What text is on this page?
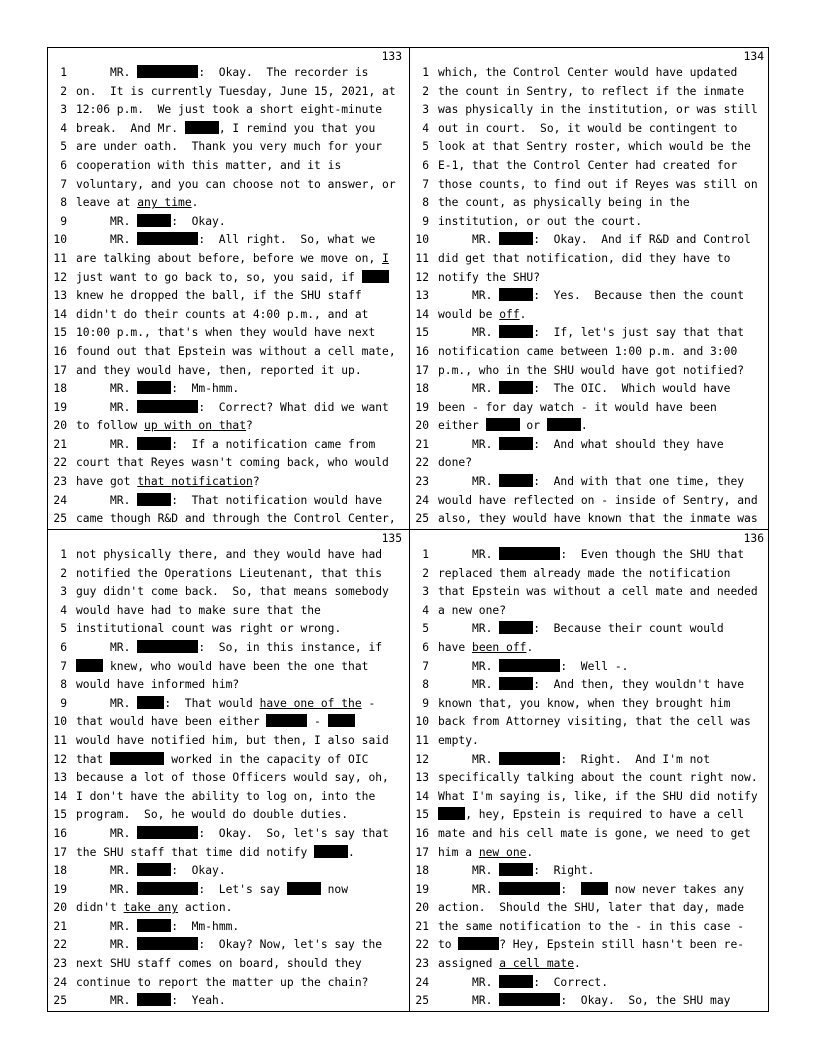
133
1 MR.	:  Okay.  The recorder is
2 on.  It is currently Tuesday, June 15, 2021, at
3 12:06 p.m.  We just took a short eight-minute
4 break.  And Mr.	, I remind you that you
5 are under oath.  Thank you very much for your
6 cooperation with this matter, and it is
7 voluntary, and you can choose not to answer, or
8 leave at any time.
9 MR.	:  Okay.
10 MR.	:  All right.  So, what we
11 are talking about before, before we move on, I
12 just want to go back to, so, you said, if
13 knew he dropped the ball, if the SHU staff
14 didn't do their counts at 4:00 p.m., and at
15 10:00 p.m., that's when they would have next
16 found out that Epstein was without a cell mate,
17 and they would have, then, reported it up.
18 MR.	:  Mm-hmm.
19 MR.	:  Correct? What did we want
20 to follow up with on that?
21 MR.	:  If a notification came from
22 court that Reyes wasn't coming back, who would
23 have got that notification?
24 MR.	:  That notification would have
25 came though R&D and through the Control Center,
134
1 which, the Control Center would have updated
2 the count in Sentry, to reflect if the inmate
3 was physically in the institution, or was still
4 out in court.  So, it would be contingent to
5 look at that Sentry roster, which would be the
6 E-1, that the Control Center had created for
7 those counts, to find out if Reyes was still on
8 the count, as physically being in the
9 institution, or out the court.
10 MR.	:  Okay.  And if R&D and Control
11 did get that notification, did they have to
12 notify the SHU?
13 MR.	:  Yes.  Because then the count
14 would be off.
15 MR.	:  If, let's just say that that
16 notification came between 1:00 p.m. and 3:00
17 p.m., who in the SHU would have got notified?
18 MR.	:  The OIC.  Which would have
19 been - for day watch - it would have been
20 either	or	.
21 MR.	:  And what should they have
22 done?
23 MR.	:  And with that one time, they
24 would have reflected on - inside of Sentry, and
25 also, they would have known that the inmate was
135
1 not physically there, and they would have had
2 notified the Operations Lieutenant, that this
3 guy didn't come back.  So, that means somebody
4 would have had to make sure that the
5 institutional count was right or wrong.
6 MR.	:  So, in this instance, if
7	knew, who would have been the one that
8 would have informed him?
9 MR. :  That would have one of the -
10 that would have been either	-
11 would have notified him, but then, I also said
12 that	worked in the capacity of OIC
13 because a lot of those Officers would say, oh,
14 I don't have the ability to log on, into the
15 program.  So, he would do double duties.
16 MR.	:  Okay.  So, let's say that
17 the SHU staff that time did notify	.
18 MR.	:  Okay.
19 MR.	:  Let's say	now
20 didn't take any action.
21 MR.	:  Mm-hmm.
22 MR.	:  Okay? Now, let's say the
23 next SHU staff comes on board, should they
24 continue to report the matter up the chain?
25 MR.	:  Yeah.
136
1 MR.	:  Even though the SHU that
2 replaced them already made the notification
3 that Epstein was without a cell mate and needed
4 a new one?
5 MR.	:  Because their count would
6 have been off.
7 MR.	:  Well -.
8 MR.	:  And then, they wouldn't have
9 known that, you know, when they brought him
10 back from Attorney visiting, that the cell was
11 empty.
12 MR.	:  Right.  And I'm not
13 specifically talking about the count right now.
14 What I'm saying is, like, if the SHU did notify
15	, hey, Epstein is required to have a cell
16 mate and his cell mate is gone, we need to get
17 him a new one.
18 MR.	:  Right.
19 MR.	:   now never takes any
20 action.  Should the SHU, later that day, made
21 the same notification to the - in this case -
22 to	? Hey, Epstein still hasn't been re-
23 assigned a cell mate.
24 MR.	:  Correct.
25 MR.	:  Okay.  So, the SHU may
